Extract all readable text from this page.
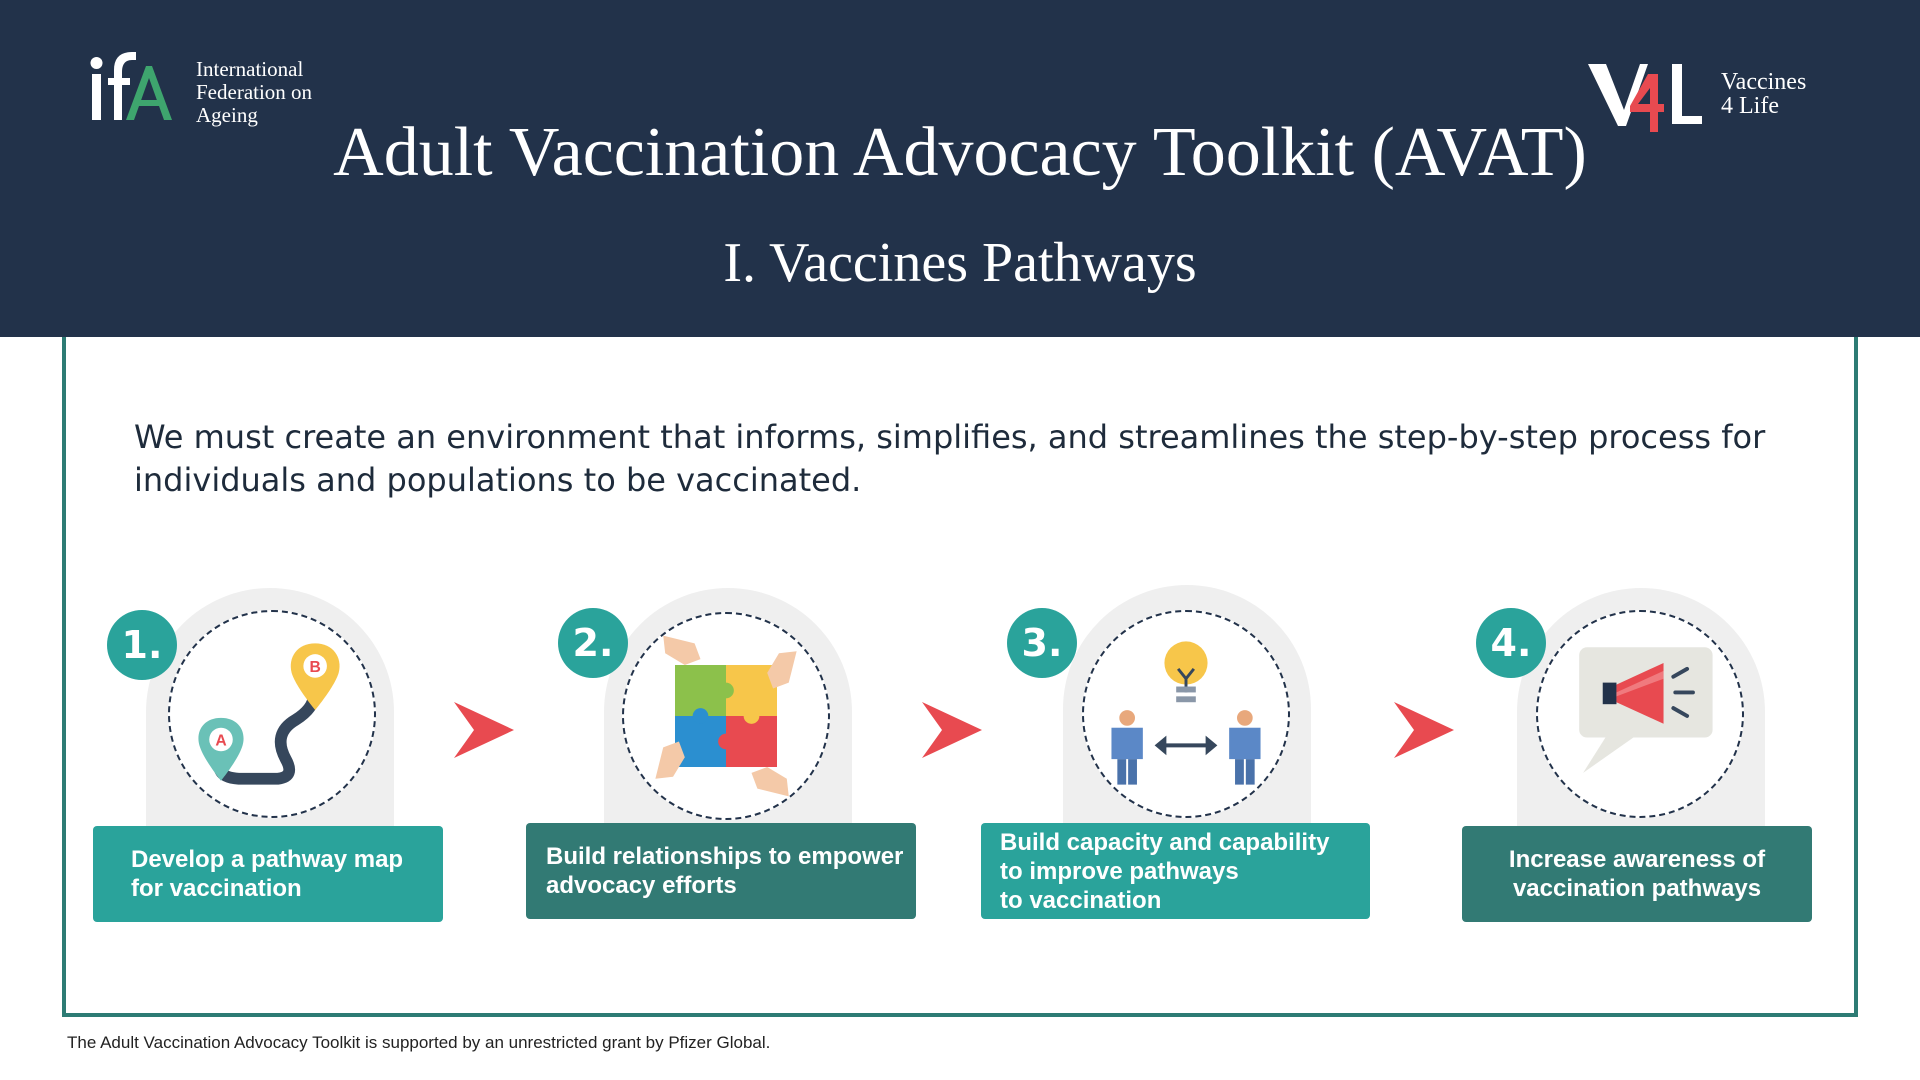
International
Federation on
Ageing
Vaccines
4 Life
Adult Vaccination Advocacy Toolkit (AVAT)
I. Vaccines Pathways
We must create an environment that informs, simplifies, and streamlines the step-by-step process for individuals and populations to be vaccinated.
A
B
1.
Develop a pathway map
for vaccination
2.
Build relationships to empower
advocacy efforts
3.
Build capacity and capability
to improve pathways
to vaccination
4.
Increase awareness of
vaccination pathways
The Adult Vaccination Advocacy Toolkit is supported by an unrestricted grant by Pfizer Global.
